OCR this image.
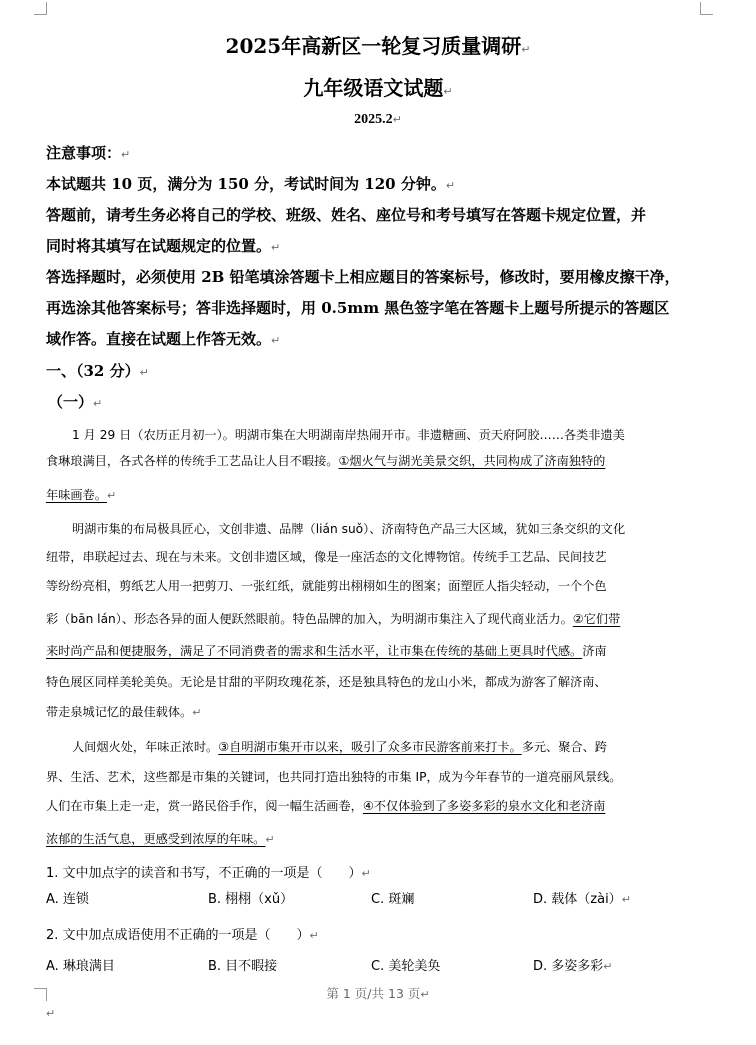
2025年高新区一轮复习质量调研↵
九年级语文试题↵
2025.2↵
注意事项：↵
本试题共 10 页，满分为 150 分，考试时间为 120 分钟。↵
答题前，请考生务必将自己的学校、班级、姓名、座位号和考号填写在答题卡规定位置，并
同时将其填写在试题规定的位置。↵
答选择题时，必须使用 2B 铅笔填涂答题卡上相应题目的答案标号，修改时，要用橡皮擦干净，
再选涂其他答案标号；答非选择题时，用 0.5mm 黑色签字笔在答题卡上题号所提示的答题区
域作答。直接在试题上作答无效。↵
一、（32 分）↵
（一）↵
1 月 29 日（农历正月初一）。明湖市集在大明湖南岸热闹开市。非遗糖画、贡天府阿胶……各类非遗美
食琳琅满目，各式各样的传统手工艺品让人目不暇接。①烟火气与湖光美景交织，共同构成了济南独特的
年味画卷。↵
明湖市集的布局极具匠心，文创非遗、品牌（lián suǒ）、济南特色产品三大区域，犹如三条交织的文化
纽带，串联起过去、现在与未来。文创非遗区域，像是一座活态的文化博物馆。传统手工艺品、民间技艺
等纷纷亮相，剪纸艺人用一把剪刀、一张红纸，就能剪出栩栩如生的图案；面塑匠人指尖轻动，一个个色
彩（bān lán）、形态各异的面人便跃然眼前。特色品牌的加入，为明湖市集注入了现代商业活力。②它们带
来时尚产品和便捷服务，满足了不同消费者的需求和生活水平，让市集在传统的基础上更具时代感。济南
特色展区同样美轮美奂。无论是甘甜的平阴玫瑰花茶，还是独具特色的龙山小米，都成为游客了解济南、
带走泉城记忆的最佳载体。↵
人间烟火处，年味正浓时。③自明湖市集开市以来，吸引了众多市民游客前来打卡。多元、聚合、跨
界、生活、艺术，这些都是市集的关键词，也共同打造出独特的市集 IP，成为今年春节的一道亮丽风景线。
人们在市集上走一走，赏一路民俗手作，阅一幅生活画卷，④不仅体验到了多姿多彩的泉水文化和老济南
浓郁的生活气息，更感受到浓厚的年味。↵
1. 文中加点字的读音和书写，不正确的一项是（　　）↵
A. 连锁	B. 栩栩（xǔ）	C. 斑斓	D. 载体（zài）↵
2. 文中加点成语使用不正确的一项是（　　）↵
A. 琳琅满目	B. 目不暇接	C. 美轮美奂	D. 多姿多彩↵
第 1 页/共 13 页↵
↵
